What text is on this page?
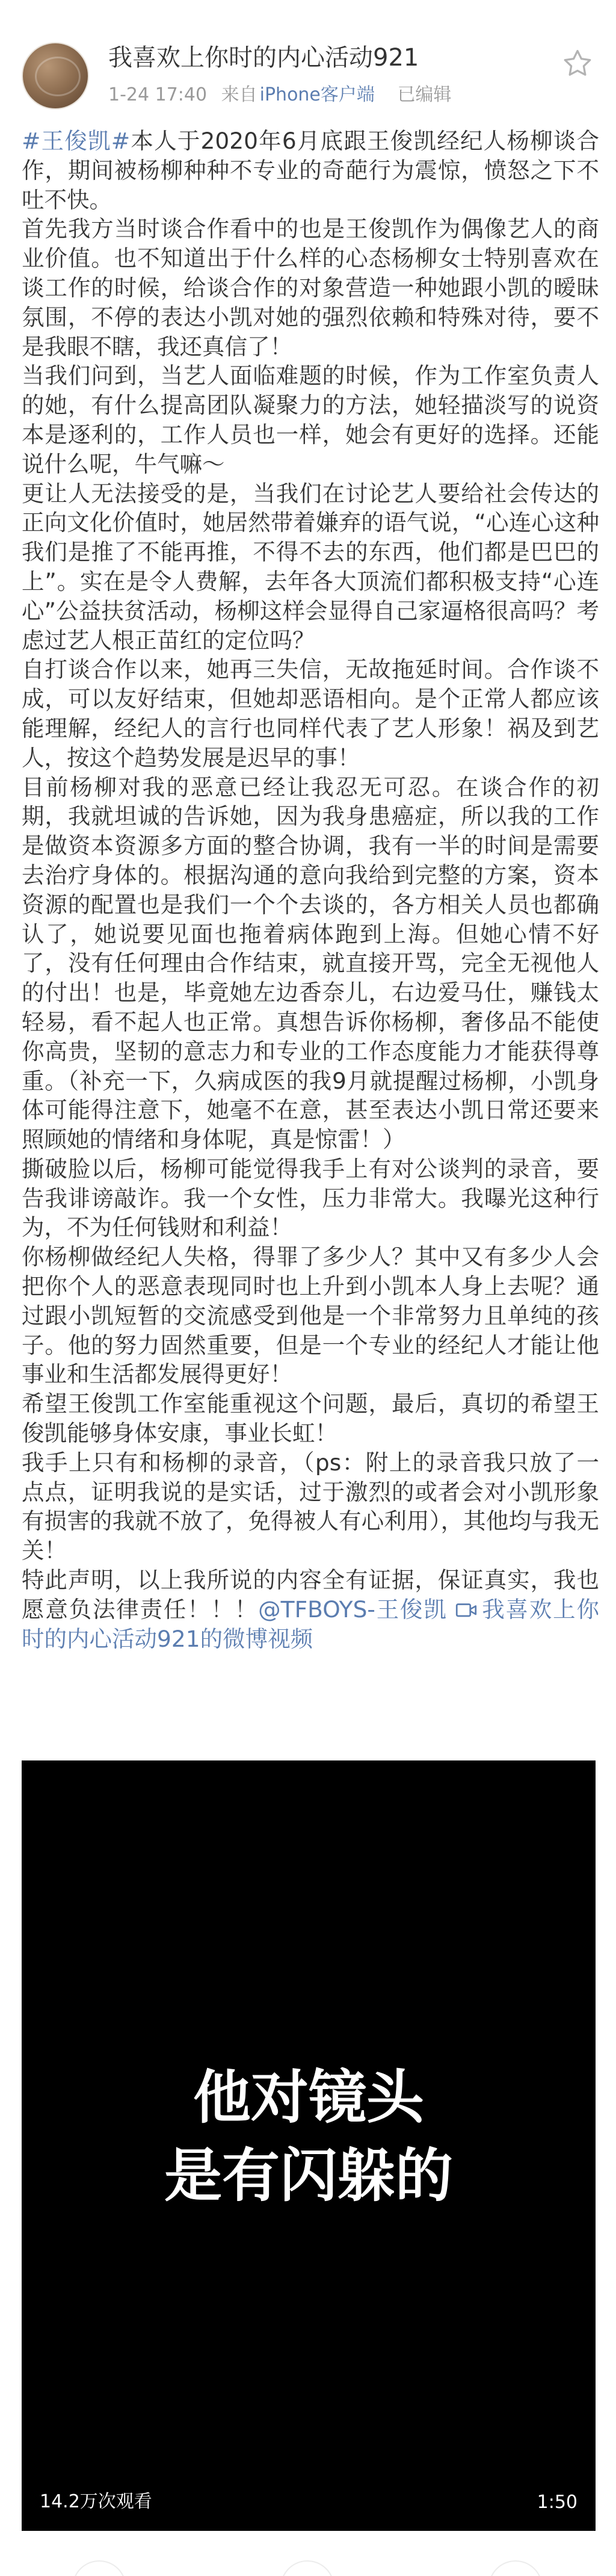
我喜欢上你时的内心活动921
1-24 17:40 来自 iPhone客户端 已编辑
#王俊凯#本人于2020年6月底跟王俊凯经纪人杨柳谈合作，期间被杨柳种种不专业的奇葩行为震惊，愤怒之下不吐不快。
首先我方当时谈合作看中的也是王俊凯作为偶像艺人的商业价值。也不知道出于什么样的心态杨柳女士特别喜欢在谈工作的时候，给谈合作的对象营造一种她跟小凯的暧昧氛围，不停的表达小凯对她的强烈依赖和特殊对待，要不是我眼不瞎，我还真信了！
当我们问到，当艺人面临难题的时候，作为工作室负责人的她，有什么提高团队凝聚力的方法，她轻描淡写的说资本是逐利的，工作人员也一样，她会有更好的选择。还能说什么呢，牛气嘛～
更让人无法接受的是，当我们在讨论艺人要给社会传达的正向文化价值时，她居然带着嫌弃的语气说，“心连心这种我们是推了不能再推，不得不去的东西，他们都是巴巴的上”。实在是令人费解，去年各大顶流们都积极支持“心连心”公益扶贫活动，杨柳这样会显得自己家逼格很高吗？考虑过艺人根正苗红的定位吗？
自打谈合作以来，她再三失信，无故拖延时间。合作谈不成，可以友好结束，但她却恶语相向。是个正常人都应该能理解，经纪人的言行也同样代表了艺人形象！祸及到艺人，按这个趋势发展是迟早的事！
目前杨柳对我的恶意已经让我忍无可忍。在谈合作的初期，我就坦诚的告诉她，因为我身患癌症，所以我的工作是做资本资源多方面的整合协调，我有一半的时间是需要去治疗身体的。根据沟通的意向我给到完整的方案，资本资源的配置也是我们一个个去谈的，各方相关人员也都确认了，她说要见面也拖着病体跑到上海。但她心情不好了，没有任何理由合作结束，就直接开骂，完全无视他人的付出！也是，毕竟她左边香奈儿，右边爱马仕，赚钱太轻易，看不起人也正常。真想告诉你杨柳，奢侈品不能使你高贵，坚韧的意志力和专业的工作态度能力才能获得尊重。（补充一下，久病成医的我9月就提醒过杨柳，小凯身体可能得注意下，她毫不在意，甚至表达小凯日常还要来照顾她的情绪和身体呢，真是惊雷！）
撕破脸以后，杨柳可能觉得我手上有对公谈判的录音，要告我诽谤敲诈。我一个女性，压力非常大。我曝光这种行为，不为任何钱财和利益！
你杨柳做经纪人失格，得罪了多少人？其中又有多少人会把你个人的恶意表现同时也上升到小凯本人身上去呢？通过跟小凯短暂的交流感受到他是一个非常努力且单纯的孩子。他的努力固然重要，但是一个专业的经纪人才能让他事业和生活都发展得更好！
希望王俊凯工作室能重视这个问题，最后，真切的希望王俊凯能够身体安康，事业长虹！
我手上只有和杨柳的录音，（ps：附上的录音我只放了一点点，证明我说的是实话，过于激烈的或者会对小凯形象有损害的我就不放了，免得被人有心利用），其他均与我无关！
特此声明，以上我所说的内容全有证据，保证真实，我也愿意负法律责任！！！@TFBOYS-王俊凯 我喜欢上你时的内心活动921的微博视频
他对镜头
是有闪躲的
14.2万次观看	1:50
